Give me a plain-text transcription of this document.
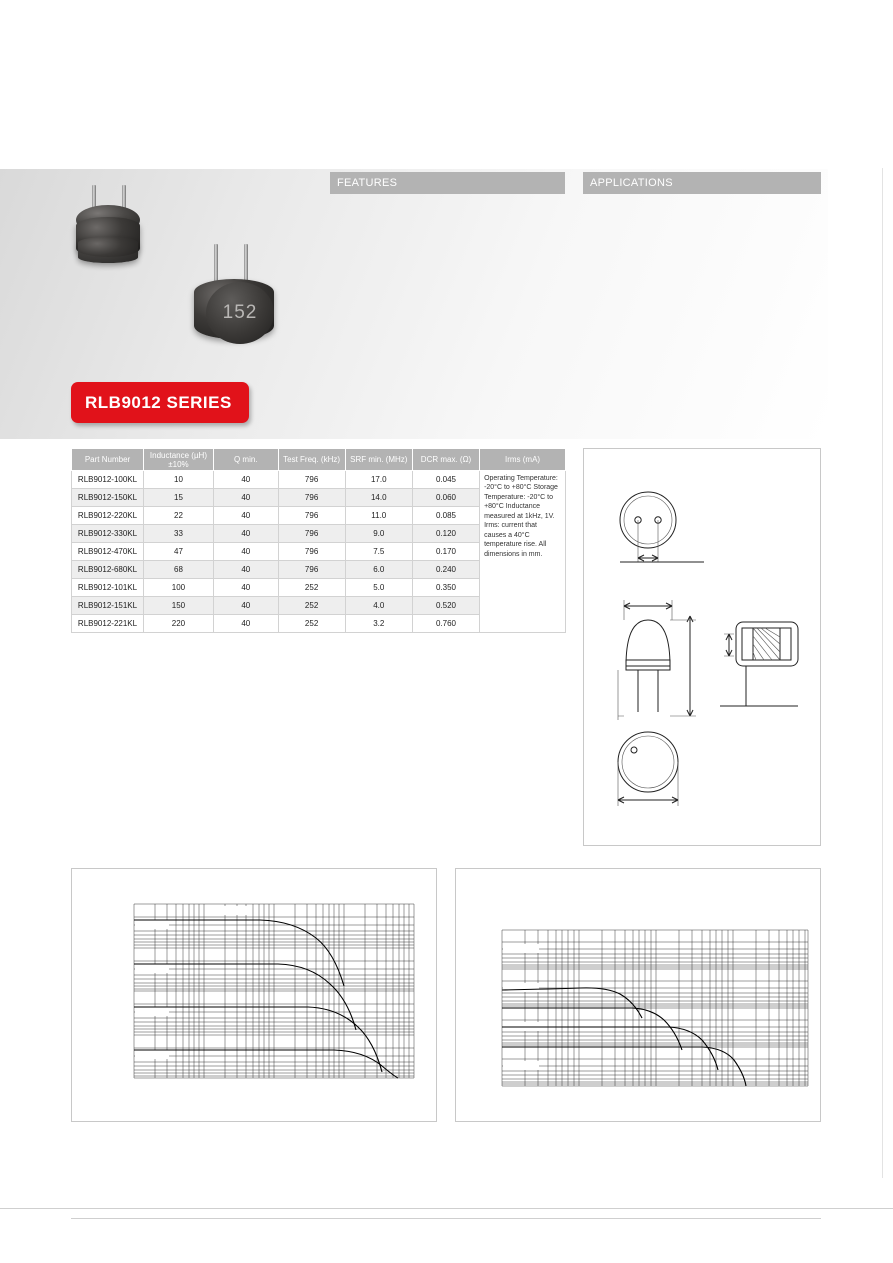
152
FEATURES	APPLICATIONS
RLB9012 SERIES
Part Number	Inductance (µH) ±10%	Q min.	Test Freq. (kHz)	SRF min. (MHz)	DCR max. (Ω)	Irms (mA)
RLB9012-100KL	10	40	796	17.0	0.045	Operating Temperature: -20°C to +80°C Storage Temperature: -20°C to +80°C Inductance measured at 1kHz, 1V. Irms: current that causes a 40°C temperature rise. All dimensions in mm.
RLB9012-150KL	15	40	796	14.0	0.060	
RLB9012-220KL	22	40	796	11.0	0.085	
RLB9012-330KL	33	40	796	9.0	0.120	
RLB9012-470KL	47	40	796	7.5	0.170	
RLB9012-680KL	68	40	796	6.0	0.240	
RLB9012-101KL	100	40	252	5.0	0.350	
RLB9012-151KL	150	40	252	4.0	0.520	
RLB9012-221KL	220	40	252	3.2	0.760	
